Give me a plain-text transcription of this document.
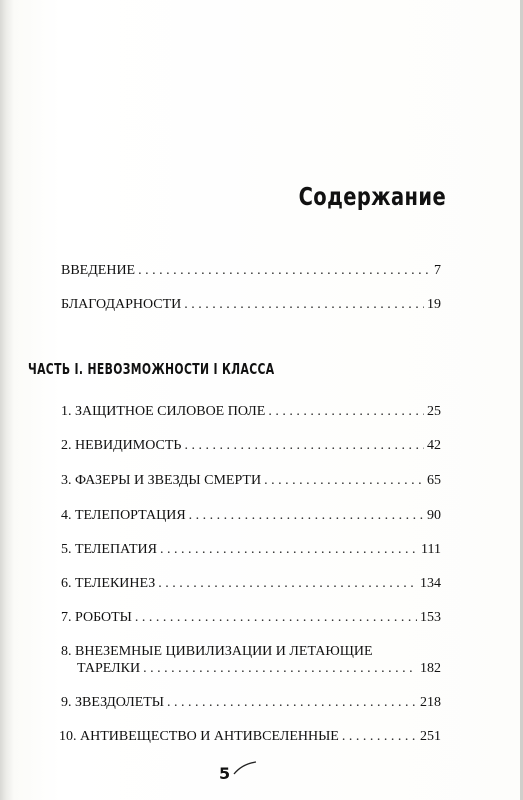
Содержание
ВВЕДЕНИЕ . . .	7
БЛАГОДАРНОСТИ . . .	19
ЧАСТЬ I. НЕВОЗМОЖНОСТИ I КЛАССА
1. ЗАЩИТНОЕ СИЛОВОЕ ПОЛЕ . . .	25
2. НЕВИДИМОСТЬ . . .	42
3. ФАЗЕРЫ И ЗВЕЗДЫ СМЕРТИ . . .	65
4. ТЕЛЕПОРТАЦИЯ . . .	90
5. ТЕЛЕПАТИЯ . . .	111
6. ТЕЛЕКИНЕЗ . . .	134
7. РОБОТЫ . . .	153
8. ВНЕЗЕМНЫЕ ЦИВИЛИЗАЦИИ И ЛЕТАЮЩИЕ
ТАРЕЛКИ . . .	182
9. ЗВЕЗДОЛЕТЫ . . .	218
10. АНТИВЕЩЕСТВО И АНТИВСЕЛЕННЫЕ . . .	251
5
